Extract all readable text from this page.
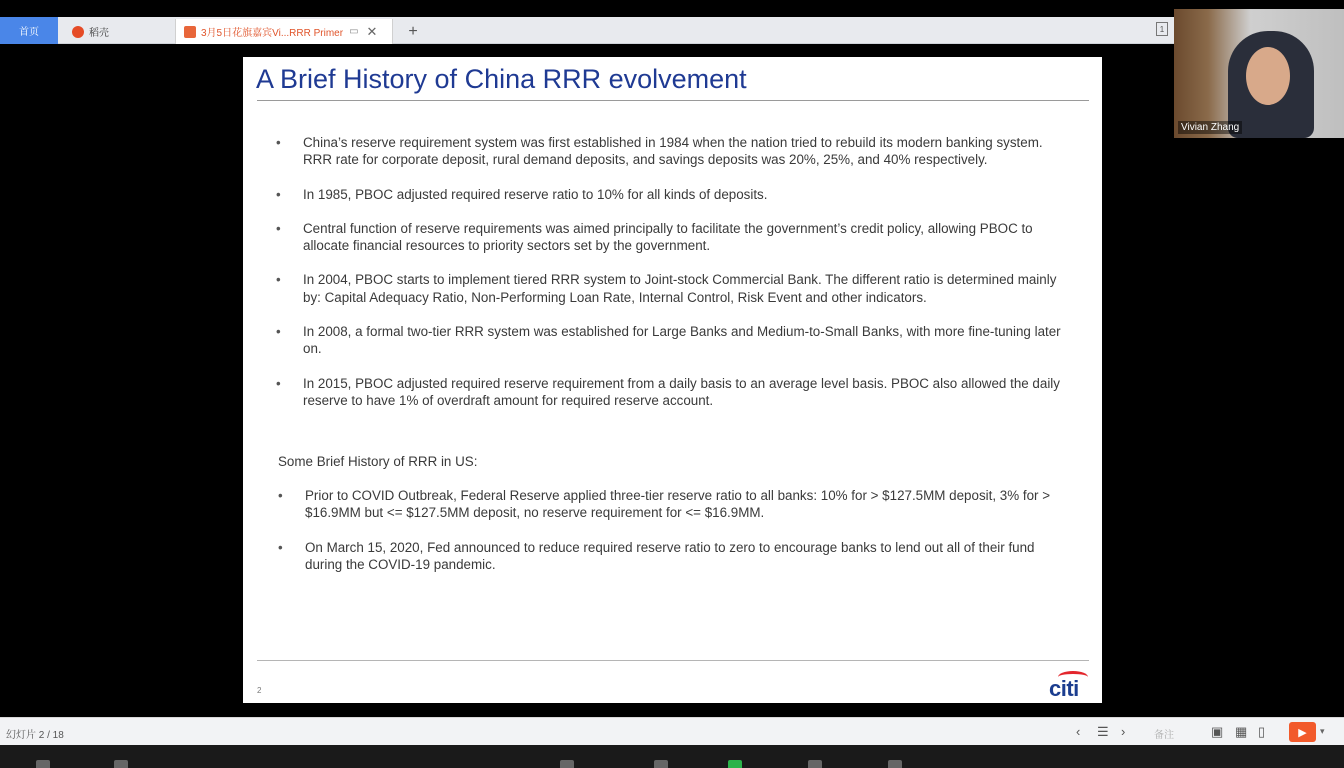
首页	稻壳	3月5日花旗嘉宾Vi...RRR Primer ▭ ✕ +	1
A Brief History of China RRR evolvement
• China’s reserve requirement system was first established in 1984 when the nation tried to rebuild its modern banking system. RRR rate for corporate deposit, rural demand deposits, and savings deposits was 20%, 25%, and 40% respectively.
• In 1985, PBOC adjusted required reserve ratio to 10% for all kinds of deposits.
• Central function of reserve requirements was aimed principally to facilitate the government’s credit policy, allowing PBOC to allocate financial resources to priority sectors set by the government.
• In 2004, PBOC starts to implement tiered RRR system to Joint-stock Commercial Bank. The different ratio is determined mainly by: Capital Adequacy Ratio, Non-Performing Loan Rate, Internal Control, Risk Event and other indicators.
• In 2008, a formal two-tier RRR system was established for Large Banks and Medium-to-Small Banks, with more fine-tuning later on.
• In 2015, PBOC adjusted required reserve requirement from a daily basis to an average level basis. PBOC also allowed the daily reserve to have 1% of overdraft amount for required reserve account.
Some Brief History of RRR in US:
• Prior to COVID Outbreak, Federal Reserve applied three-tier reserve ratio to all banks: 10% for > $127.5MM deposit, 3% for > $16.9MM but <= $127.5MM deposit, no reserve requirement for <= $16.9MM.
• On March 15, 2020, Fed announced to reduce required reserve ratio to zero to encourage banks to lend out all of their fund during the COVID-19 pandemic.
2	citi
Vivian Zhang
幻灯片 2 / 18	‹ ☰ ›	备注	▣ ▦ ▯	▶ ▾
